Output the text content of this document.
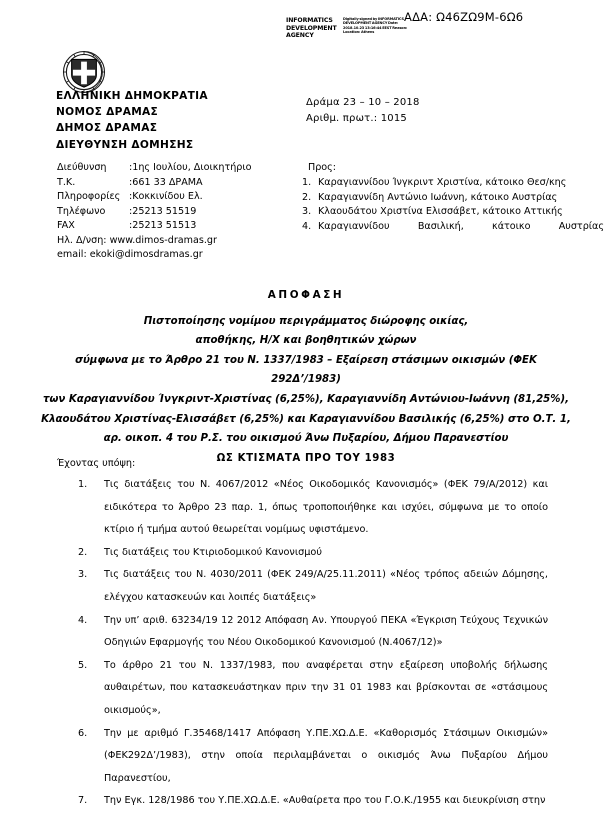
ΑΔΑ: Ω46ΖΩ9Μ-6Ω6
INFORMATICS DEVELOPMENT AGENCY
Digitally signed by INFORMATICS DEVELOPMENT AGENCY Date: 2018.10.23 13:16:44 EEST Reason: Location: Athens
ΕΛΛΗΝΙΚΗ ΔΗΜΟΚΡΑΤΙΑ
ΝΟΜΟΣ ΔΡΑΜΑΣ
ΔΗΜΟΣ ΔΡΑΜΑΣ
ΔΙΕΥΘΥΝΣΗ ΔΟΜΗΣΗΣ
Δράμα 23 – 10 – 2018
Αριθμ. πρωτ.: 1015
Διεύθυνση	:1ης Ιουλίου, Διοικητήριο
Τ.Κ.	:661 33 ΔΡΑΜΑ
Πληροφορίες :Κοκκινίδου Ελ.
Τηλέφωνο	:25213 51519
FAX	:25213 51513
Ηλ. Δ/νση: www.dimos-dramas.gr
email: ekoki@dimosdramas.gr
Προς:
1. Καραγιαννίδου Ίνγκριντ Χριστίνα, κάτοικο Θεσ/κης
2. Καραγιαννίδη Αντώνιο Ιωάννη, κάτοικο Αυστρίας
3. Κλαουδάτου Χριστίνα Ελισσάβετ, κάτοικο Αττικής
4. Καραγιαννίδου Βασιλική, κάτοικο Αυστρίας
ΑΠΟΦΑΣΗ
Πιστοποίησης νομίμου περιγράμματος διώροφης οικίας,
αποθήκης, Η/Χ και βοηθητικών χώρων
σύμφωνα με το Άρθρο 21 του Ν. 1337/1983 – Εξαίρεση στάσιμων οικισμών (ΦΕΚ 292Δ’/1983)
των Καραγιαννίδου Ίνγκριντ-Χριστίνας (6,25%), Καραγιαννίδη Αντώνιου-Ιωάννη (81,25%),
Κλαουδάτου Χριστίνας-Ελισσάβετ (6,25%) και Καραγιαννίδου Βασιλικής (6,25%) στο Ο.Τ. 1,
αρ. οικοπ. 4 του Ρ.Σ. του οικισμού Άνω Πυξαρίου, Δήμου Παρανεστίου
ΩΣ ΚΤΙΣΜΑΤΑ ΠΡΟ ΤΟΥ 1983
Έχοντας υπόψη:
1.	Τις διατάξεις του Ν. 4067/2012 «Νέος Οικοδομικός Κανονισμός» (ΦΕΚ 79/Α/2012) και ειδικότερα το Άρθρο 23 παρ. 1, όπως τροποποιήθηκε και ισχύει, σύμφωνα με το οποίο κτίριο ή τμήμα αυτού θεωρείται νομίμως υφιστάμενο.
2.	Τις διατάξεις του Κτιριοδομικού Κανονισμού
3.	Τις διατάξεις του Ν. 4030/2011 (ΦΕΚ 249/Α/25.11.2011) «Νέος τρόπος αδειών Δόμησης, ελέγχου κατασκευών και λοιπές διατάξεις»
4.	Την υπ’ αριθ. 63234/19 12 2012 Απόφαση Αν. Υπουργού ΠΕΚΑ «Έγκριση Τεύχους Τεχνικών Οδηγιών Εφαρμογής του Νέου Οικοδομικού Κανονισμού (Ν.4067/12)»
5.	Το άρθρο 21 του Ν. 1337/1983, που αναφέρεται στην εξαίρεση υποβολής δήλωσης αυθαιρέτων, που κατασκευάστηκαν πριν την 31 01 1983 και βρίσκονται σε «στάσιμους οικισμούς»,
6.	Την με αριθμό Γ.35468/1417 Απόφαση Υ.ΠΕ.ΧΩ.Δ.Ε. «Καθορισμός Στάσιμων Οικισμών» (ΦΕΚ292Δ’/1983), στην οποία περιλαμβάνεται ο οικισμός Άνω Πυξαρίου Δήμου Παρανεστίου,
7.	Την Εγκ. 128/1986 του Υ.ΠΕ.ΧΩ.Δ.Ε. «Αυθαίρετα προ του Γ.Ο.Κ./1955 και διευκρίνιση στην
